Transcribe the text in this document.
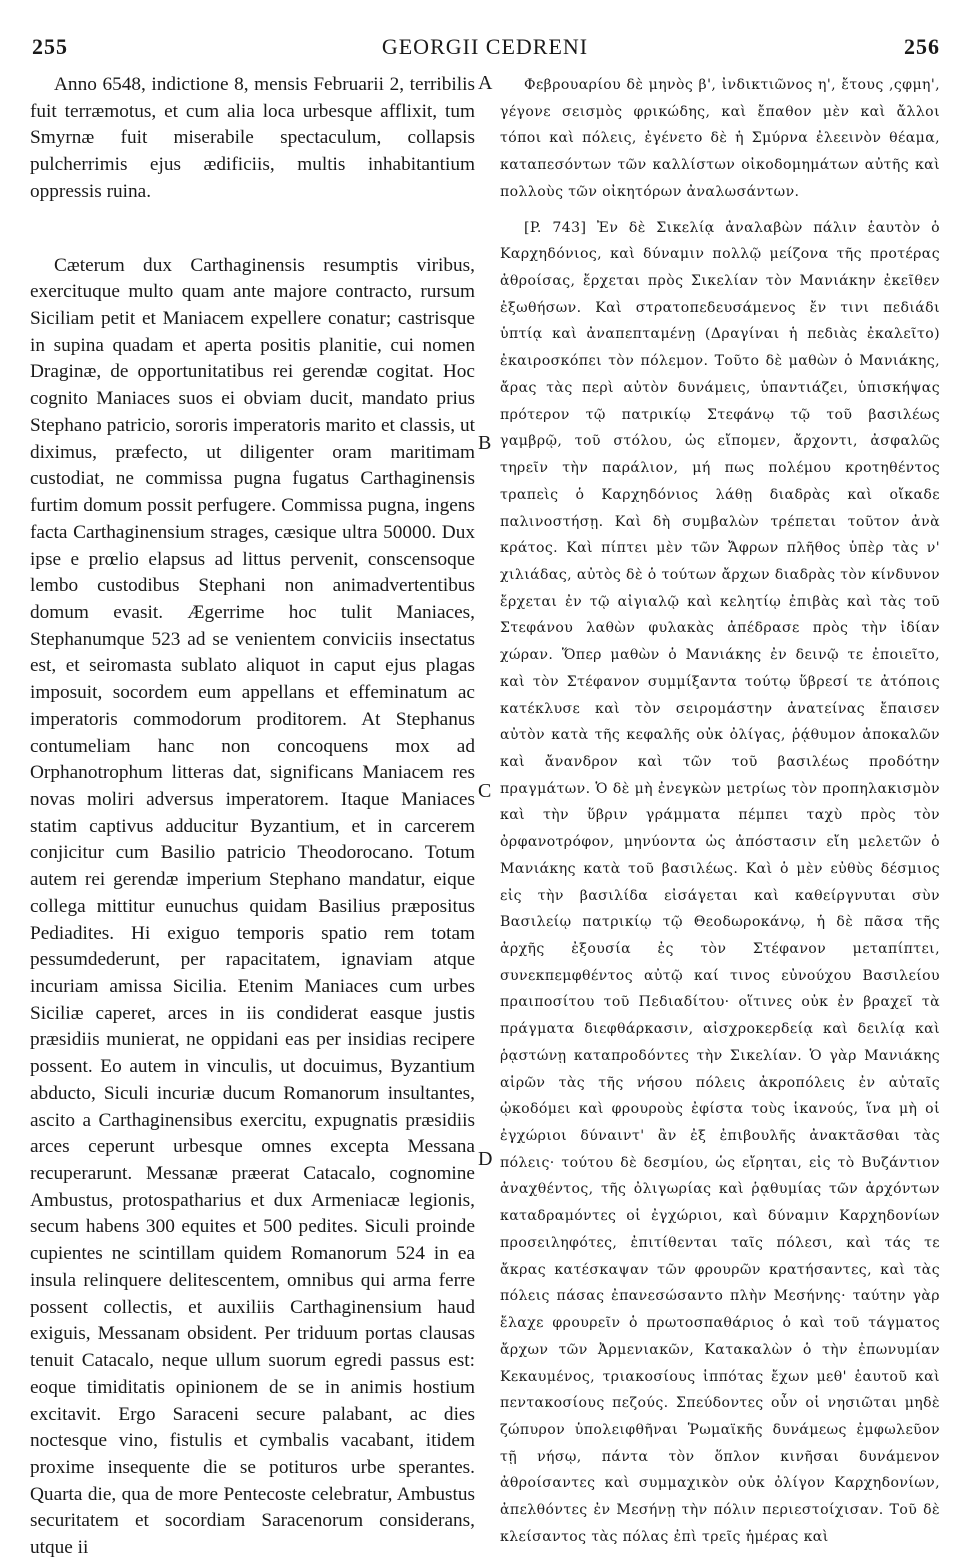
255	GEORGII CEDRENI	256

Anno 6548, indictione 8, mensis Februarii 2, terribilis fuit terræmotus, et cum alia loca urbesque afflixit, tum Smyrnæ fuit miserabile spectaculum, collapsis pulcherrimis ejus ædificiis, multis inhabitantium oppressis ruina.

Cæterum dux Carthaginensis resumptis viribus, exercituque multo quam ante majore contracto, rursum Siciliam petit et Maniacem expellere conatur; castrisque in supina quadam et aperta positis planitie, cui nomen Draginæ, de opportunitatibus rei gerendæ cogitat. Hoc cognito Maniaces suos ei obviam ducit, mandato prius Stephano patricio, sororis imperatoris marito et classis, ut diximus, præfecto, ut diligenter oram maritimam custodiat, ne commissa pugna fugatus Carthaginensis furtim domum possit perfugere. Commissa pugna, ingens facta Carthaginensium strages, cæsique ultra 50000. Dux ipse e prœlio elapsus ad littus pervenit, conscensoque lembo custodibus Stephani non animadvertentibus domum evasit. Ægerrime hoc tulit Maniaces, Stephanumque 523 ad se venientem conviciis insectatus est, et seiromasta sublato aliquot in caput ejus plagas imposuit, socordem eum appellans et effeminatum ac imperatoris commodorum proditorem. At Stephanus contumeliam hanc non concoquens mox ad Orphanotrophum litteras dat, significans Maniacem res novas moliri adversus imperatorem. Itaque Maniaces statim captivus adducitur Byzantium, et in carcerem conjicitur cum Basilio patricio Theodorocano. Totum autem rei gerendæ imperium Stephano mandatur, eique collega mittitur eunuchus quidam Basilius præpositus Pediadites. Hi exiguo temporis spatio rem totam pessumdederunt, per rapacitatem, ignaviam atque incuriam amissa Sicilia. Etenim Maniaces cum urbes Siciliæ caperet, arces in iis condiderat easque justis præsidiis munierat, ne oppidani eas per insidias recipere possent. Eo autem in vinculis, ut docuimus, Byzantium abducto, Siculi incuriæ ducum Romanorum insultantes, ascito a Carthaginensibus exercitu, expugnatis præsidiis arces ceperunt urbesque omnes excepta Messana recuperarunt. Messanæ præerat Catacalo, cognomine Ambustus, protospatharius et dux Armeniacæ legionis, secum habens 300 equites et 500 pedites. Siculi proinde cupientes ne scintillam quidem Romanorum 524 in ea insula relinquere delitescentem, omnibus qui arma ferre possent collectis, et auxiliis Carthaginensium haud exiguis, Messanam obsident. Per triduum portas clausas tenuit Catacalo, neque ullum suorum egredi passus est: eoque timiditatis opinionem de se in animis hostium excitavit. Ergo Saraceni secure palabant, ac dies noctesque vino, fistulis et cymbalis vacabant, itidem proxime insequente die se potituros urbe sperantes. Quarta die, qua de more Pentecoste celebratur, Ambustus securitatem et socordiam Saracenorum considerans, utque ii

A
B
C
D

Φεβρουαρίου δὲ μηνὸς β', ἰνδικτιῶνος η', ἔτους ,ςφμη', γέγονε σεισμὸς φρικώδης, καὶ ἔπαθον μὲν καὶ ἄλλοι τόποι καὶ πόλεις, ἐγένετο δὲ ἡ Σμύρνα ἐλεεινὸν θέαμα, καταπεσόντων τῶν καλλίστων οἰκοδομημάτων αὐτῆς καὶ πολλοὺς τῶν οἰκητόρων ἀναλωσάντων.

[P. 743] Ἐν δὲ Σικελίᾳ ἀναλαβὼν πάλιν ἑαυτὸν ὁ Καρχηδόνιος, καὶ δύναμιν πολλῷ μείζονα τῆς προτέρας ἀθροίσας, ἔρχεται πρὸς Σικελίαν τὸν Μανιάκην ἐκεῖθεν ἐξωθήσων. Καὶ στρατοπεδευσάμενος ἔν τινι πεδιάδι ὑπτίᾳ καὶ ἀναπεπταμένῃ (Δραγίναι ἡ πεδιὰς ἐκαλεῖτο) ἐκαιροσκόπει τὸν πόλεμον. Τοῦτο δὲ μαθὼν ὁ Μανιάκης, ἄρας τὰς περὶ αὐτὸν δυνάμεις, ὑπαντιάζει, ὑπισκήψας πρότερον τῷ πατρικίῳ Στεφάνῳ τῷ τοῦ βασιλέως γαμβρῷ, τοῦ στόλου, ὡς εἴπομεν, ἄρχοντι, ἀσφαλῶς τηρεῖν τὴν παράλιον, μή πως πολέμου κροτηθέντος τραπεὶς ὁ Καρχηδόνιος λάθῃ διαδρὰς καὶ οἴκαδε παλινοστήσῃ. Καὶ δὴ συμβαλὼν τρέπεται τοῦτον ἀνὰ κράτος. Καὶ πίπτει μὲν τῶν Ἄφρων πλῆθος ὑπὲρ τὰς ν' χιλιάδας, αὐτὸς δὲ ὁ τούτων ἄρχων διαδρὰς τὸν κίνδυνον ἔρχεται ἐν τῷ αἰγιαλῷ καὶ κελητίῳ ἐπιβὰς καὶ τὰς τοῦ Στεφάνου λαθὼν φυλακὰς ἀπέδρασε πρὸς τὴν ἰδίαν χώραν. Ὅπερ μαθὼν ὁ Μανιάκης ἐν δεινῷ τε ἐποιεῖτο, καὶ τὸν Στέφανον συμμίξαντα τούτῳ ὕβρεσί τε ἀτόποις κατέκλυσε καὶ τὸν σειρομάστην ἀνατείνας ἔπαισεν αὐτὸν κατὰ τῆς κεφαλῆς οὐκ ὀλίγας, ῥᾴθυμον ἀποκαλῶν καὶ ἄνανδρον καὶ τῶν τοῦ βασιλέως προδότην πραγμάτων. Ὁ δὲ μὴ ἐνεγκὼν μετρίως τὸν προπηλακισμὸν καὶ τὴν ὕβριν γράμματα πέμπει ταχὺ πρὸς τὸν ὀρφανοτρόφον, μηνύοντα ὡς ἀπόστασιν εἴη μελετῶν ὁ Μανιάκης κατὰ τοῦ βασιλέως. Καὶ ὁ μὲν εὐθὺς δέσμιος εἰς τὴν βασιλίδα εἰσάγεται καὶ καθείργνυται σὺν Βασιλείῳ πατρικίῳ τῷ Θεοδωροκάνῳ, ἡ δὲ πᾶσα τῆς ἀρχῆς ἐξουσία ἐς τὸν Στέφανον μεταπίπτει, συνεκπεμφθέντος αὐτῷ καί τινος εὐνούχου Βασιλείου πραιποσίτου τοῦ Πεδιαδίτου· οἵτινες οὐκ ἐν βραχεῖ τὰ πράγματα διεφθάρκασιν, αἰσχροκερδείᾳ καὶ δειλίᾳ καὶ ῥᾳστώνῃ καταπροδόντες τὴν Σικελίαν. Ὁ γὰρ Μανιάκης αἱρῶν τὰς τῆς νήσου πόλεις ἀκροπόλεις ἐν αὐταῖς ᾠκοδόμει καὶ φρουροὺς ἐφίστα τοὺς ἱκανούς, ἵνα μὴ οἱ ἐγχώριοι δύναιντ' ἂν ἐξ ἐπιβουλῆς ἀνακτᾶσθαι τὰς πόλεις· τούτου δὲ δεσμίου, ὡς εἴρηται, εἰς τὸ Βυζάντιον ἀναχθέντος, τῆς ὀλιγωρίας καὶ ῥᾳθυμίας τῶν ἀρχόντων καταδραμόντες οἱ ἐγχώριοι, καὶ δύναμιν Καρχηδονίων προσειληφότες, ἐπιτίθενται ταῖς πόλεσι, καὶ τάς τε ἄκρας κατέσκαψαν τῶν φρουρῶν κρατήσαντες, καὶ τὰς πόλεις πάσας ἐπανεσώσαντο πλὴν Μεσήνης· ταύτην γὰρ ἔλαχε φρουρεῖν ὁ πρωτοσπαθάριος ὁ καὶ τοῦ τάγματος ἄρχων τῶν Ἀρμενιακῶν, Κατακαλὼν ὁ τὴν ἐπωνυμίαν Κεκαυμένος, τριακοσίους ἱππότας ἔχων μεθ' ἑαυτοῦ καὶ πεντακοσίους πεζούς. Σπεύδοντες οὖν οἱ νησιῶται μηδὲ ζώπυρον ὑπολειφθῆναι Ῥωμαϊκῆς δυνάμεως ἐμφωλεῦον τῇ νήσῳ, πάντα τὸν ὅπλον κινῆσαι δυνάμενον ἀθροίσαντες καὶ συμμαχικὸν οὐκ ὀλίγον Καρχηδονίων, ἀπελθόντες ἐν Μεσήνῃ τὴν πόλιν περιεστοίχισαν. Τοῦ δὲ κλείσαντος τὰς πόλας ἐπὶ τρεῖς ἡμέρας καὶ
